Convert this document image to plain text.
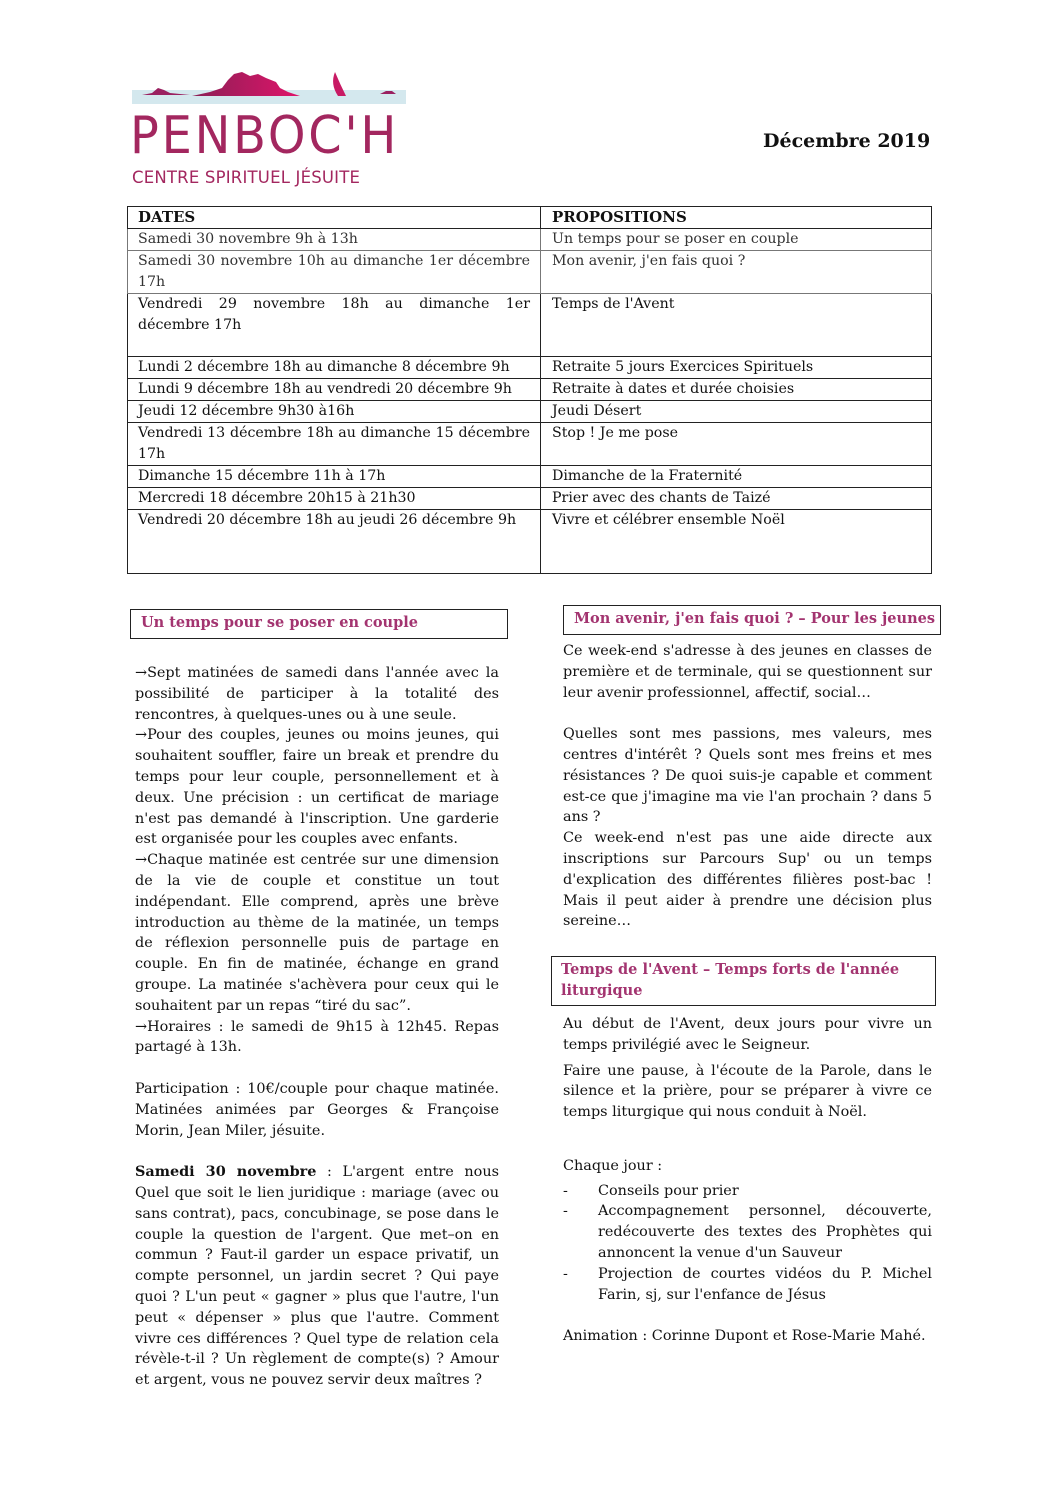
PENBOC'H
CENTRE SPIRITUEL JÉSUITE
Décembre 2019
DATES	PROPOSITIONS
Samedi 30 novembre 9h à 13h	Un temps pour se poser en couple
Samedi 30 novembre 10h au dimanche 1er décembre 17h	Mon avenir, j'en fais quoi ?
Vendredi 29 novembre 18h au dimanche 1er décembre 17h	Temps de l'Avent
Lundi 2 décembre 18h au dimanche 8 décembre 9h	Retraite 5 jours Exercices Spirituels
Lundi 9 décembre 18h au vendredi 20 décembre 9h	Retraite à dates et durée choisies
Jeudi 12 décembre 9h30 à16h	Jeudi Désert
Vendredi 13 décembre 18h au dimanche 15 décembre 17h	Stop ! Je me pose
Dimanche 15 décembre 11h à 17h	Dimanche de la Fraternité
Mercredi 18 décembre 20h15 à 21h30	Prier avec des chants de Taizé
Vendredi 20 décembre 18h au jeudi 26 décembre 9h	Vivre et célébrer ensemble Noël
Un temps pour se poser en couple

→Sept matinées de samedi dans l'année avec la possibilité de participer à la totalité des rencontres, à quelques-unes ou à une seule.

→Pour des couples, jeunes ou moins jeunes, qui souhaitent souffler, faire un break et prendre du temps pour leur couple, personnellement et à deux. Une précision : un certificat de mariage n'est pas demandé à l'inscription. Une garderie est organisée pour les couples avec enfants.

→Chaque matinée est centrée sur une dimension de la vie de couple et constitue un tout indépendant. Elle comprend, après une brève introduction au thème de la matinée, un temps de réflexion personnelle puis de partage en couple. En fin de matinée, échange en grand groupe. La matinée s'achèvera pour ceux qui le souhaitent par un repas “tiré du sac”.

→Horaires : le samedi de 9h15 à 12h45. Repas partagé à 13h.

Participation : 10€/couple pour chaque matinée. Matinées animées par Georges & Françoise Morin, Jean Miler, jésuite.

Samedi 30 novembre : L'argent entre nous Quel que soit le lien juridique : mariage (avec ou sans contrat), pacs, concubinage, se pose dans le couple la question de l'argent. Que met–on en commun ? Faut-il garder un espace privatif, un compte personnel, un jardin secret ? Qui paye quoi ? L'un peut « gagner » plus que l'autre, l'un peut « dépenser » plus que l'autre. Comment vivre ces différences ? Quel type de relation cela révèle-t-il ? Un règlement de compte(s) ? Amour et argent, vous ne pouvez servir deux maîtres ?

Mon avenir, j'en fais quoi ? – Pour les jeunes

Ce week-end s'adresse à des jeunes en classes de première et de terminale, qui se questionnent sur leur avenir professionnel, affectif, social…

Quelles sont mes passions, mes valeurs, mes centres d'intérêt ? Quels sont mes freins et mes résistances ? De quoi suis-je capable et comment est-ce que j'imagine ma vie l'an prochain ? dans 5 ans ?

Ce week-end n'est pas une aide directe aux inscriptions sur Parcours Sup' ou un temps d'explication des différentes filières post-bac ! Mais il peut aider à prendre une décision plus sereine…

Temps de l'Avent – Temps forts de l'année liturgique

Au début de l'Avent, deux jours pour vivre un temps privilégié avec le Seigneur.

Faire une pause, à l'écoute de la Parole, dans le silence et la prière, pour se préparer à vivre ce temps liturgique qui nous conduit à Noël.

Chaque jour :

- Conseils pour prier
- Accompagnement personnel, découverte, redécouverte des textes des Prophètes qui annoncent la venue d'un Sauveur
- Projection de courtes vidéos du P. Michel Farin, sj, sur l'enfance de Jésus

Animation : Corinne Dupont et Rose-Marie Mahé.
